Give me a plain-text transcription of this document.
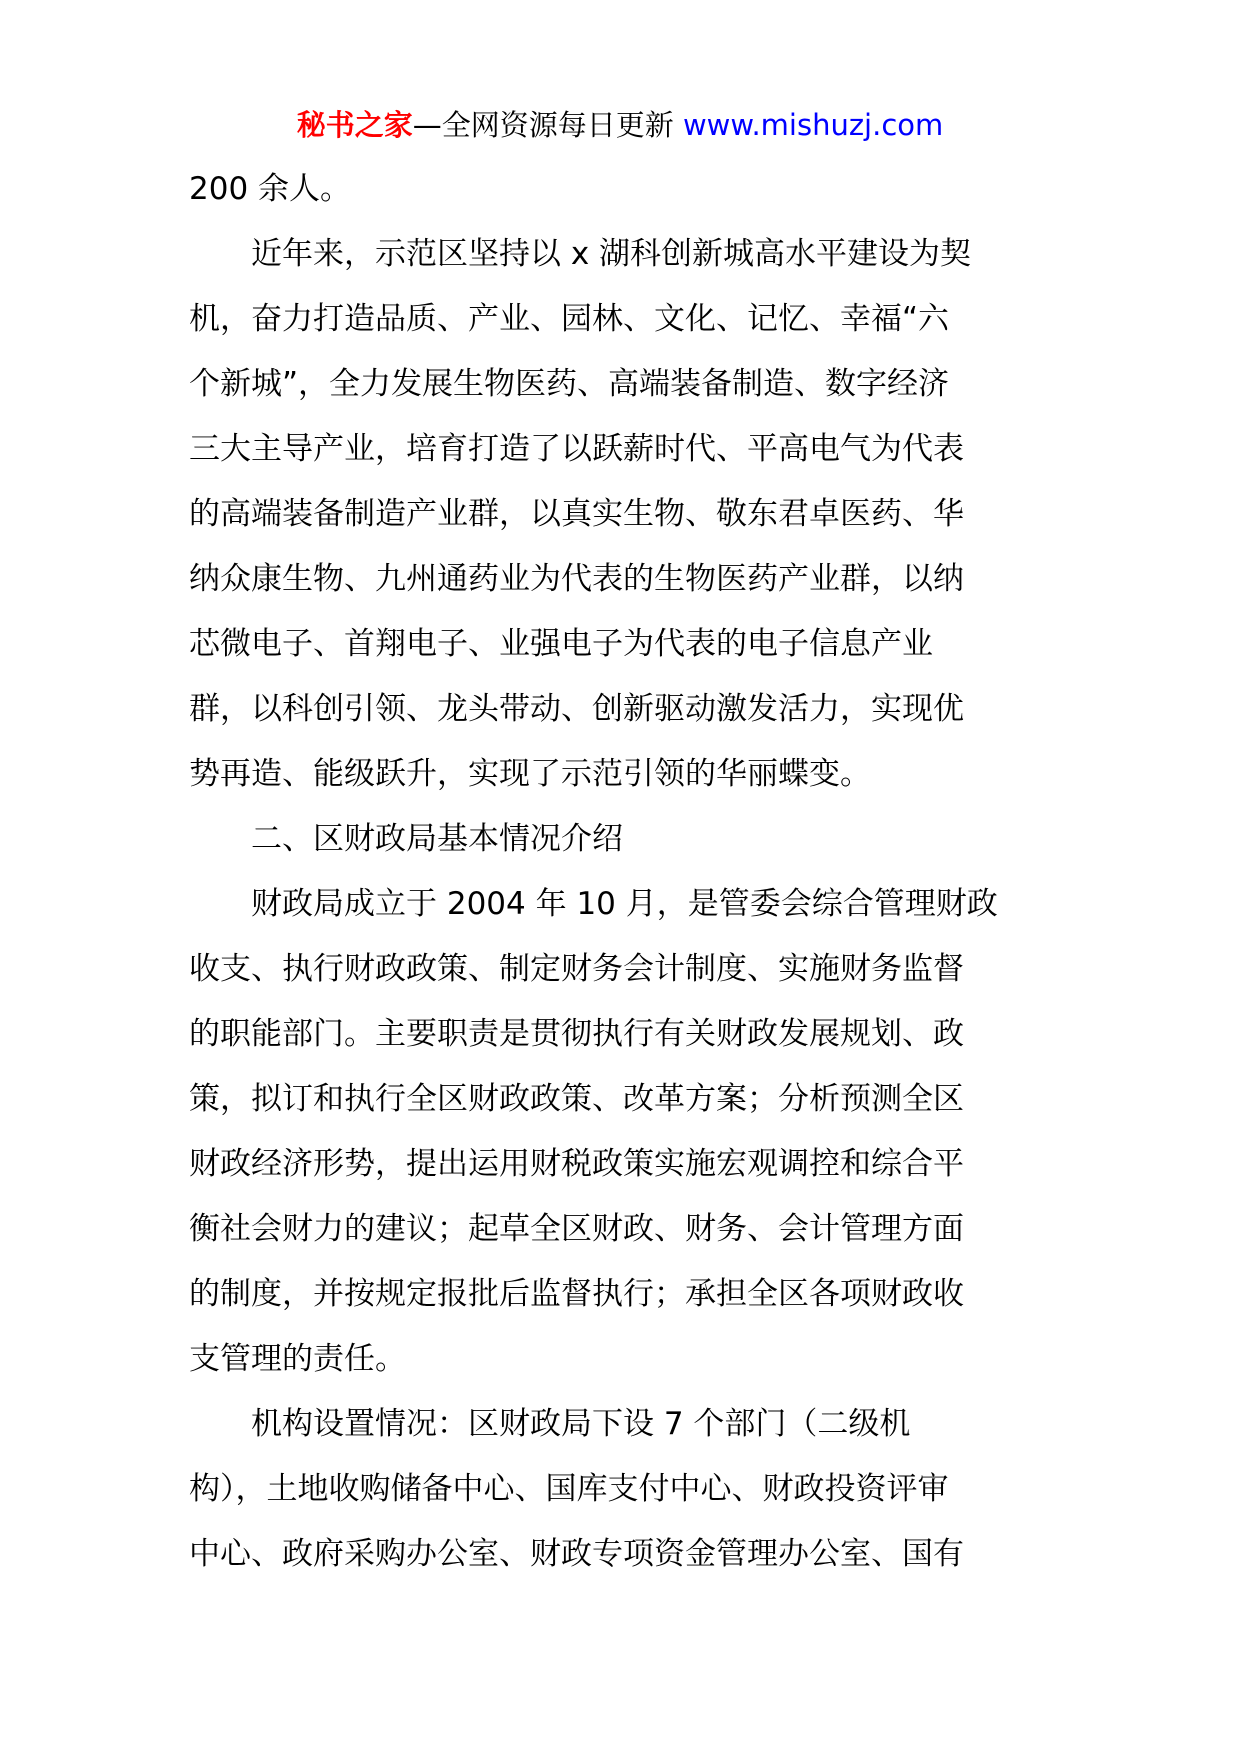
秘书之家—全网资源每日更新 www.mishuzj.com
200 余人。
　　近年来，示范区坚持以 x 湖科创新城高水平建设为契
机，奋力打造品质、产业、园林、文化、记忆、幸福“六
个新城”，全力发展生物医药、高端装备制造、数字经济
三大主导产业，培育打造了以跃薪时代、平高电气为代表
的高端装备制造产业群，以真实生物、敬东君卓医药、华
纳众康生物、九州通药业为代表的生物医药产业群，以纳
芯微电子、首翔电子、业强电子为代表的电子信息产业
群，以科创引领、龙头带动、创新驱动激发活力，实现优
势再造、能级跃升，实现了示范引领的华丽蝶变。
　　二、区财政局基本情况介绍
　　财政局成立于 2004 年 10 月，是管委会综合管理财政
收支、执行财政政策、制定财务会计制度、实施财务监督
的职能部门。主要职责是贯彻执行有关财政发展规划、政
策，拟订和执行全区财政政策、改革方案；分析预测全区
财政经济形势，提出运用财税政策实施宏观调控和综合平
衡社会财力的建议；起草全区财政、财务、会计管理方面
的制度，并按规定报批后监督执行；承担全区各项财政收
支管理的责任。
　　机构设置情况：区财政局下设 7 个部门（二级机
构），土地收购储备中心、国库支付中心、财政投资评审
中心、政府采购办公室、财政专项资金管理办公室、国有
